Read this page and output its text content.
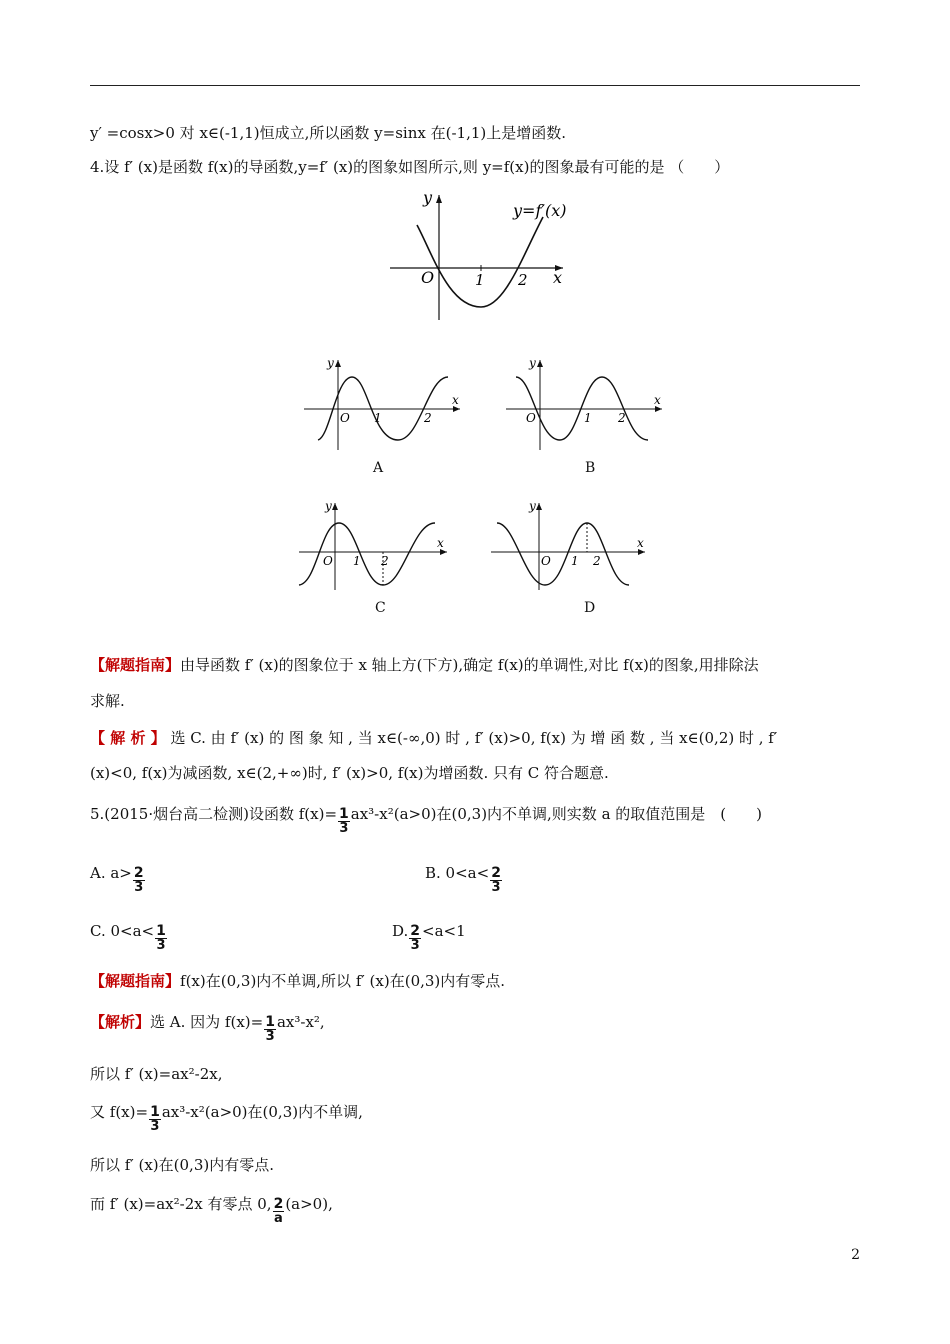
y′ =cosx>0 对 x∈(-1,1)恒成立,所以函数 y=sinx 在(-1,1)上是增函数.
4.设 f′ (x)是函数 f(x)的导函数,y=f′ (x)的图象如图所示,则 y=f(x)的图象最有可能的是 （　　）
y
y=f′(x)
O	1 2 x
y
O 1	2
x
A
y
O	1 2
x
B
y
O 1 2
x
C
y
O 1 2
x
D
【解题指南】由导函数 f′ (x)的图象位于 x 轴上方(下方),确定 f(x)的单调性,对比 f(x)的图象,用排除法
求解.
【 解 析 】 选 C. 由 f′ (x) 的 图 象 知 , 当 x∈(-∞,0) 时 , f′ (x)>0, f(x) 为 增 函 数 , 当 x∈(0,2) 时 , f′
(x)<0, f(x)为减函数, x∈(2,+∞)时, f′ (x)>0, f(x)为增函数. 只有 C 符合题意.
5.(2015·烟台高二检测)设函数 $f(x)= \frac{1}{3} ax^3-x^2(a>0)$在(0,3)内不单调,则实数 a 的取值范围是　(　　)
A. $a> \frac{2}{3}$	B. $0<a< \frac{2}{3}$
C. $0<a< \frac{1}{3}$	D. $\frac{2}{3} <a<1$
【解题指南】f(x)在(0,3)内不单调,所以 f′ (x)在(0,3)内有零点.
【解析】选 A. 因为 $f(x)= \frac{1}{3} ax^3-x^2$,
所以 f′ (x)=ax²-2x,
又 $f(x)= \frac{1}{3} ax^3-x^2(a>0)$在(0,3)内不单调,
所以 f′ (x)在(0,3)内有零点.
而 f′ (x)=ax²-2x 有零点 0, $\frac{2}{a} (a>0)$,
2
